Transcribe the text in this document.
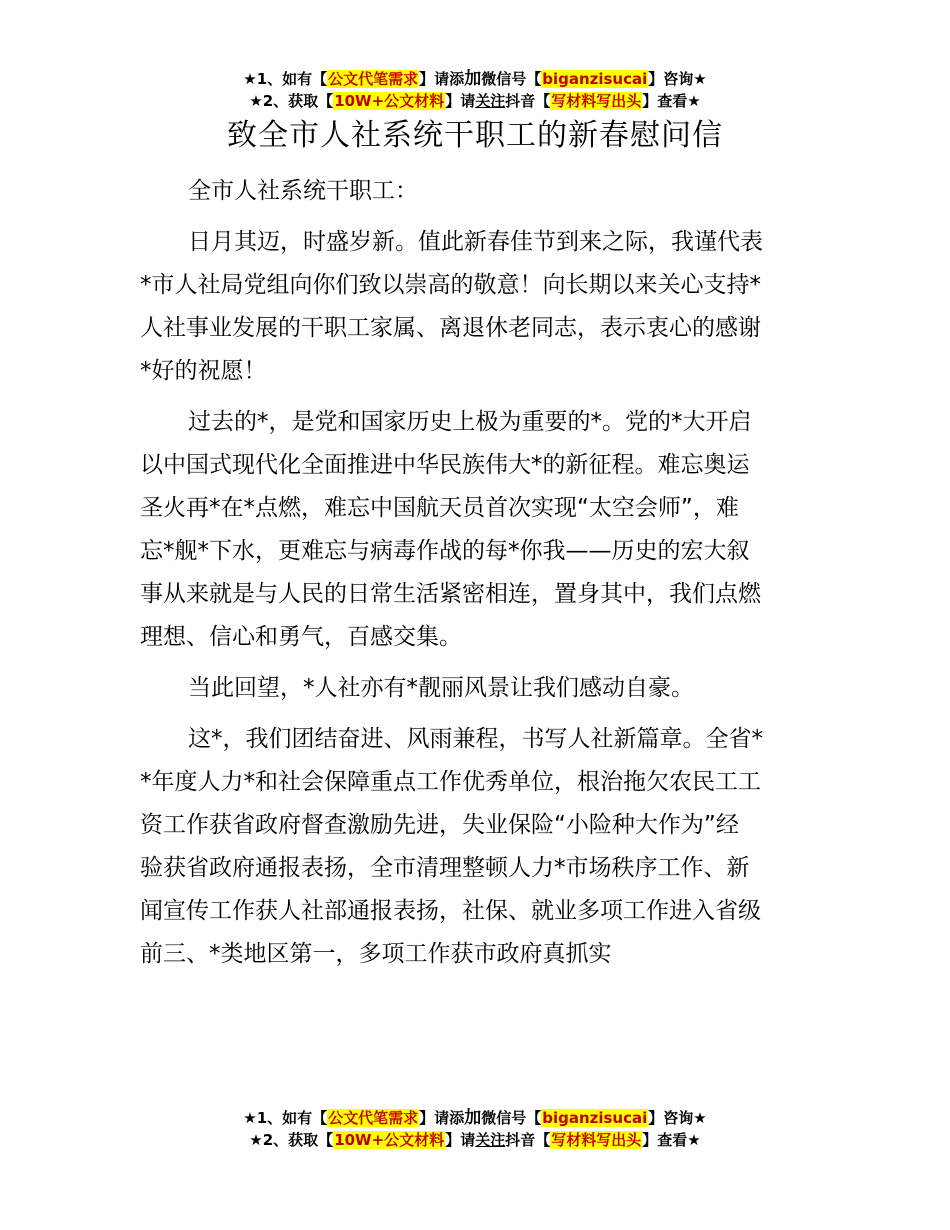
★1、如有【公文代笔需求】请添加微信号【biganzisucai】咨询★
★2、获取【10W+公文材料】请关注抖音【写材料写出头】查看★
致全市人社系统干职工的新春慰问信
全市人社系统干职工：
日月其迈，时盛岁新。值此新春佳节到来之际，我谨代表
*市人社局党组向你们致以崇高的敬意！向长期以来关心支持*
人社事业发展的干职工家属、离退休老同志，表示衷心的感谢
*好的祝愿！
过去的*，是党和国家历史上极为重要的*。党的*大开启
以中国式现代化全面推进中华民族伟大*的新征程。难忘奥运
圣火再*在*点燃，难忘中国航天员首次实现“太空会师”，难
忘*舰*下水，更难忘与病毒作战的每*你我——历史的宏大叙
事从来就是与人民的日常生活紧密相连，置身其中，我们点燃
理想、信心和勇气，百感交集。
当此回望，*人社亦有*靓丽风景让我们感动自豪。
这*，我们团结奋进、风雨兼程，书写人社新篇章。全省*
*年度人力*和社会保障重点工作优秀单位，根治拖欠农民工工
资工作获省政府督查激励先进，失业保险“小险种大作为”经
验获省政府通报表扬，全市清理整顿人力*市场秩序工作、新
闻宣传工作获人社部通报表扬，社保、就业多项工作进入省级
前三、*类地区第一，多项工作获市政府真抓实
★1、如有【公文代笔需求】请添加微信号【biganzisucai】咨询★
★2、获取【10W+公文材料】请关注抖音【写材料写出头】查看★
